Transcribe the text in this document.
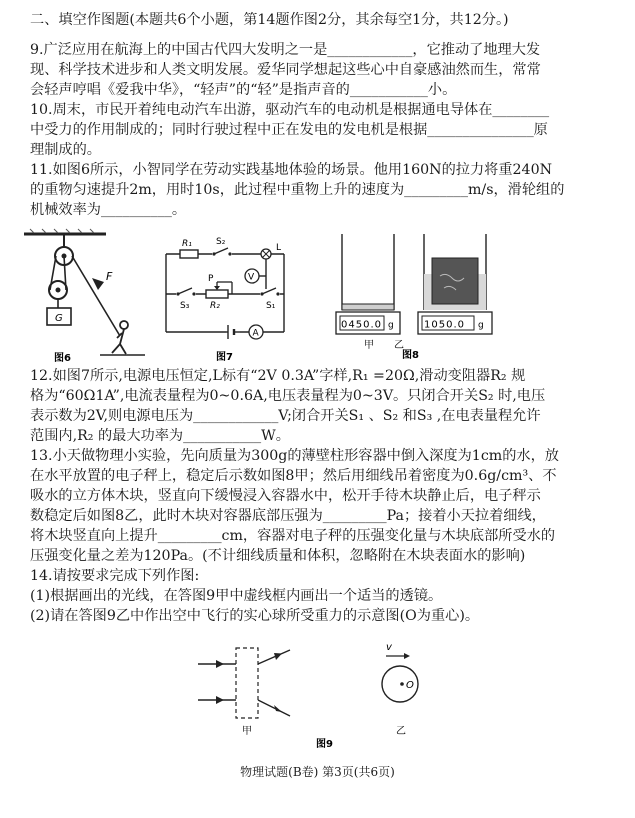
二、填空作图题(本题共6个小题，第14题作图2分，其余每空1分，共12分。)
9.广泛应用在航海上的中国古代四大发明之一是____________，它推动了地理大发
现、科学技术进步和人类文明发展。爱华同学想起这些心中自豪感油然而生，常常
会轻声哼唱《爱我中华》，“轻声”的“轻”是指声音的___________小。
10.周末，市民开着纯电动汽车出游，驱动汽车的电动机是根据通电导体在________
中受力的作用制成的；同时行驶过程中正在发电的发电机是根据_______________原
理制成的。
11.如图6所示，小智同学在劳动实践基地体验的场景。他用160N的拉力将重240N
的重物匀速提升2m，用时10s，此过程中重物上升的速度为_________m/s，滑轮组的
机械效率为__________。
12.如图7所示,电源电压恒定,L标有“2V 0.3A”字样,R₁ =20Ω,滑动变阻器R₂ 规
格为“60Ω1A”,电流表量程为0~0.6A,电压表量程为0~3V。只闭合开关S₂ 时,电压
表示数为2V,则电源电压为____________V;闭合开关S₁ 、S₂ 和S₃ ,在电表量程允许
范围内,R₂ 的最大功率为___________W。
13.小天做物理小实验，先向质量为300g的薄壁柱形容器中倒入深度为1cm的水，放
在水平放置的电子秤上，稳定后示数如图8甲；然后用细线吊着密度为0.6g/cm³、不
吸水的立方体木块，竖直向下缓慢浸入容器水中，松开手待木块静止后，电子秤示
数稳定后如图8乙，此时木块对容器底部压强为_________Pa；接着小天拉着细线，
将木块竖直向上提升_________cm，容器对电子秤的压强变化量与木块底部所受水的
压强变化量之差为120Pa。(不计细线质量和体积，忽略附在木块表面水的影响)
14.请按要求完成下列作图:
(1)根据画出的光线，在答图9甲中虚线框内画出一个适当的透镜。
(2)请在答图9乙中作出空中飞行的实心球所受重力的示意图(O为重心)。
G
F
图6
R₁	S₂
L
V
S₃ R₂
P
S₁
A
图7
0450.0 g	1050.0 g
甲 乙
图8
甲
v
O
乙
图9
物理试题(B卷) 第3页(共6页)
